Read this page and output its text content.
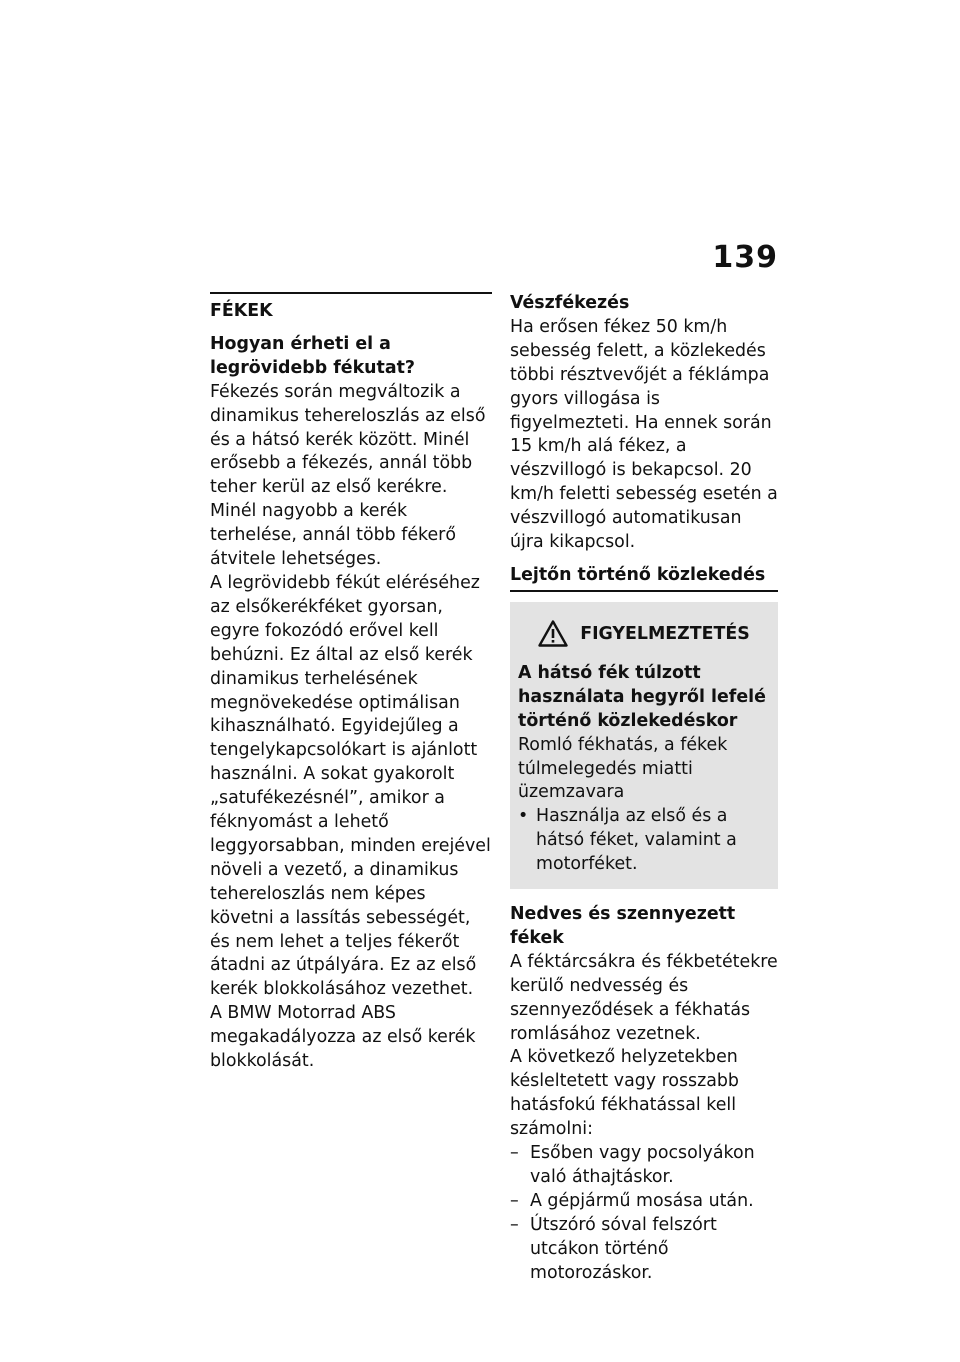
139
FÉKEK
Hogyan érheti el a legrövidebb fékutat?

Fékezés során megváltozik a dinamikus tehereloszlás az első és a hátsó kerék között. Minél erősebb a fékezés, annál több teher kerül az első kerékre. Minél nagyobb a kerék terhelése, annál több fékerő átvitele lehetséges.

A legrövidebb fékút eléréséhez az elsőkerékféket gyorsan, egyre fokozódó erővel kell behúzni. Ez által az első kerék dinamikus terhelésének megnövekedése optimálisan kihasználható. Egyidejűleg a tengelykapcsolókart is ajánlott használni. A sokat gyakorolt „satufékezésnél”, amikor a féknyomást a lehető leggyorsabban, minden erejével növeli a vezető, a dinamikus tehereloszlás nem képes követni a lassítás sebességét, és nem lehet a teljes fékerőt átadni az útpályára. Ez az első kerék blokkolásához vezethet.

A BMW Motorrad ABS megakadályozza az első kerék blokkolását.

Vészfékezés

Ha erősen fékez 50 km/h sebesség felett, a közlekedés többi résztvevőjét a féklámpa gyors villogása is figyelmezteti. Ha ennek során 15 km/h alá fékez, a vészvillogó is bekapcsol. 20 km/h feletti sebesség esetén a vészvillogó automatikusan újra kikapcsol.

Lejtőn történő közlekedés
FIGYELMEZTETÉS
A hátsó fék túlzott használata hegyről lefelé történő közlekedéskor

Romló fékhatás, a fékek túlmelegedés miatti üzemzavara

• Használja az első és a hátsó féket, valamint a motorféket.
Nedves és szennyezett fékek

A féktárcsákra és fékbetétekre kerülő nedvesség és szennyeződések a fékhatás romlásához vezetnek.

A következő helyzetekben késleltetett vagy rosszabb hatásfokú fékhatással kell számolni:

– Esőben vagy pocsolyákon való áthajtáskor.
– A gépjármű mosása után.
– Útszóró sóval felszórt utcákon történő motorozáskor.
